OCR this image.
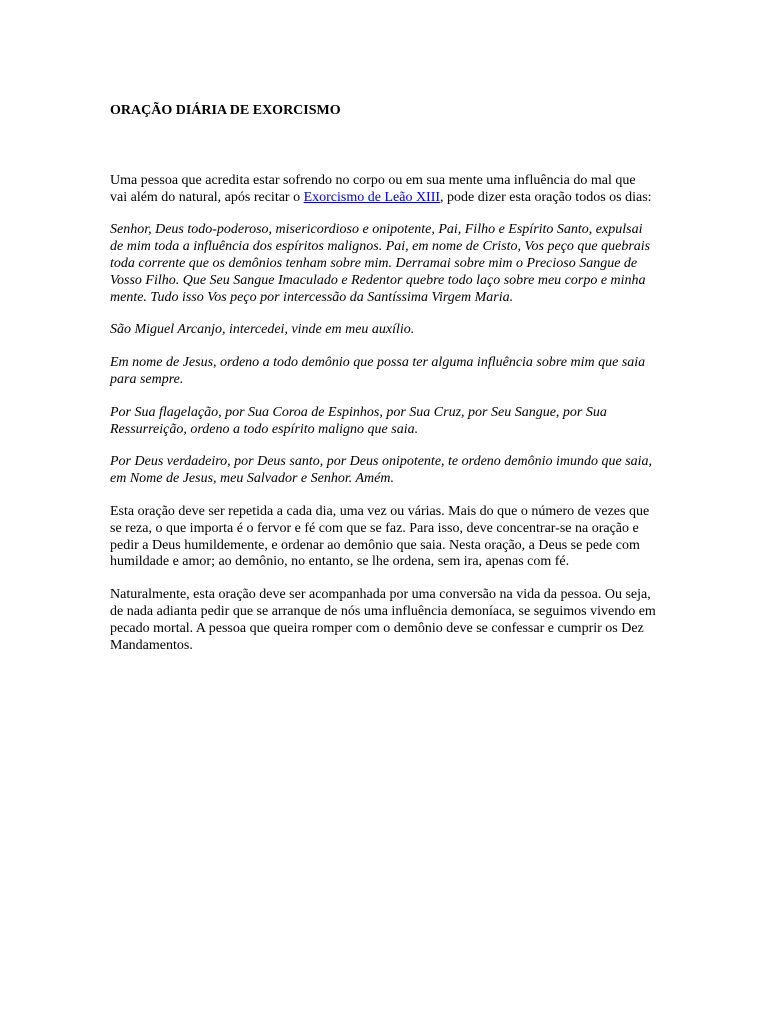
ORAÇÃO DIÁRIA DE EXORCISMO

Uma pessoa que acredita estar sofrendo no corpo ou em sua mente uma influência do mal que vai além do natural, após recitar o Exorcismo de Leão XIII, pode dizer esta oração todos os dias:

Senhor, Deus todo-poderoso, misericordioso e onipotente, Pai, Filho e Espírito Santo, expulsai de mim toda a influência dos espíritos malignos. Pai, em nome de Cristo, Vos peço que quebrais toda corrente que os demônios tenham sobre mim. Derramai sobre mim o Precioso Sangue de Vosso Filho. Que Seu Sangue Imaculado e Redentor quebre todo laço sobre meu corpo e minha mente. Tudo isso Vos peço por intercessão da Santíssima Virgem Maria.

São Miguel Arcanjo, intercedei, vinde em meu auxílio.

Em nome de Jesus, ordeno a todo demônio que possa ter alguma influência sobre mim que saia para sempre.

Por Sua flagelação, por Sua Coroa de Espinhos, por Sua Cruz, por Seu Sangue, por Sua Ressurreição, ordeno a todo espírito maligno que saia.

Por Deus verdadeiro, por Deus santo, por Deus onipotente, te ordeno demônio imundo que saia, em Nome de Jesus, meu Salvador e Senhor. Amém.

Esta oração deve ser repetida a cada dia, uma vez ou várias. Mais do que o número de vezes que se reza, o que importa é o fervor e fé com que se faz. Para isso, deve concentrar-se na oração e pedir a Deus humildemente, e ordenar ao demônio que saia. Nesta oração, a Deus se pede com humildade e amor; ao demônio, no entanto, se lhe ordena, sem ira, apenas com fé.

Naturalmente, esta oração deve ser acompanhada por uma conversão na vida da pessoa. Ou seja, de nada adianta pedir que se arranque de nós uma influência demoníaca, se seguimos vivendo em pecado mortal. A pessoa que queira romper com o demônio deve se confessar e cumprir os Dez Mandamentos.
